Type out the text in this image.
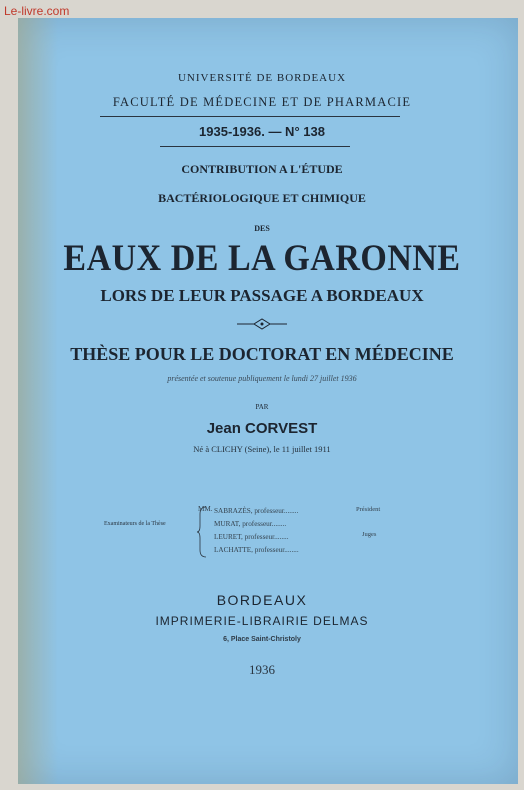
Le-livre.com
UNIVERSITÉ DE BORDEAUX
FACULTÉ DE MÉDECINE ET DE PHARMACIE
1935-1936. — N° 138
CONTRIBUTION A L'ÉTUDE
BACTÉRIOLOGIQUE ET CHIMIQUE
DES
EAUX DE LA GARONNE
LORS DE LEUR PASSAGE A BORDEAUX
THÈSE POUR LE DOCTORAT EN MÉDECINE
présentée et soutenue publiquement le lundi 27 juillet 1936
PAR
Jean CORVEST
Né à CLICHY (Seine), le 11 juillet 1911
Examinateurs de la Thèse
MM. SABRAZÈS, professeur........
MURAT, professeur........
LEURET, professeur........
LACHATTE, professeur........
Président
Juges
BORDEAUX
IMPRIMERIE-LIBRAIRIE DELMAS
6, Place Saint-Christoly
1936
